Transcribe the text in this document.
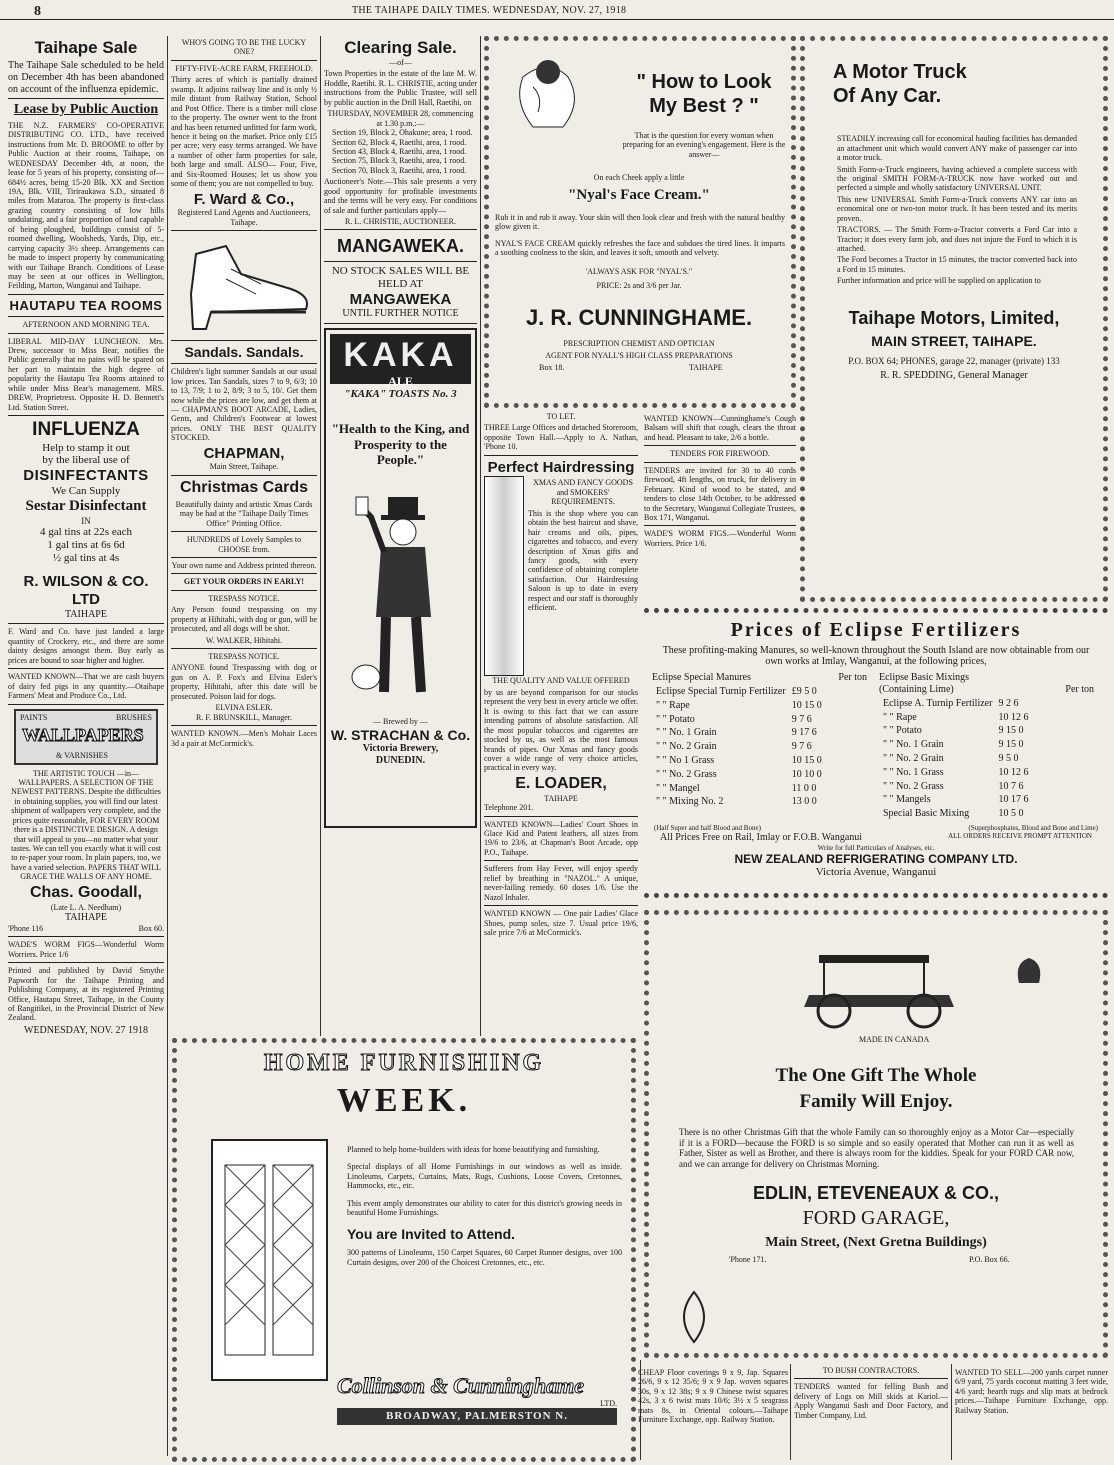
8	THE TAIHAPE DAILY TIMES. WEDNESDAY, NOV. 27, 1918
Taihape Sale

The Taihape Sale scheduled to be held on December 4th has been abandoned on account of the influenza epidemic.

Lease by Public Auction

THE N.Z. FARMERS' CO-OPERATIVE DISTRIBUTING CO. LTD., have received instructions from Mr. D. BROOME to offer by Public Auction at their rooms, Taihape, on WEDNESDAY December 4th, at noon, the lease for 5 years of his property, consisting of— 684½ acres, being 15-20 Blk. XX and Section 19A, Blk. VIII, Tiriraukawa S.D., situated 8 miles from Mataroa. The property is first-class grazing country consisting of low hills undulating, and a fair proportion of land capable of being ploughed, buildings consist of 5-roomed dwelling, Woolsheds, Yards, Dip, etc., carrying capacity 3½ sheep. Arrangements can be made to inspect property by communicating with our Taihape Branch. Conditions of Lease may be seen at our offices in Wellington, Feilding, Marton, Wanganui and Taihape.

HAUTAPU TEA ROOMS
AFTERNOON AND MORNING TEA.

LIBERAL MID-DAY LUNCHEON. Mrs. Drew, successor to Miss Bear, notifies the Public generally that no pains will be spared on her part to maintain the high degree of popularity the Hautapu Tea Rooms attained to while under Miss Bear's management. MRS. DREW, Proprietress. Opposite H. D. Bennett's Ltd. Station Street.

INFLUENZA
Help to stamp it out
by the liberal use of
DISINFECTANTS
We Can Supply
Sestar Disinfectant
IN
4 gal tins at 22s each
1 gal tins at 6s 6d
½ gal tins at 4s
R. WILSON & CO. LTD
TAIHAPE

F. Ward and Co. have just landed a large quantity of Crockery, etc., and there are some dainty designs amongst them. Buy early as prices are bound to soar higher and higher.

WANTED KNOWN—That we are cash buyers of dairy fed pigs in any quantity.—Otaihape Farmers' Meat and Produce Co., Ltd.

PAINTS	BRUSHES
WALLPAPERS
& VARNISHES

THE ARTISTIC TOUCH —in— WALLPAPERS. A SELECTION OF THE NEWEST PATTERNS. Despite the difficulties in obtaining supplies, you will find our latest shipment of wallpapers very complete, and the prices quite reasonable, FOR EVERY ROOM there is a DISTINCTIVE DESIGN. A design that will appeal to you—no matter what your tastes. We can tell you exactly what it will cost to re-paper your room. In plain papers, too, we have a varied selection. PAPERS THAT WILL GRACE THE WALLS OF ANY HOME.

Chas. Goodall,
(Late L. A. Needham)
TAIHAPE
'Phone 116	Box 60.

WADE'S WORM FIGS—Wonderful Worm Worriers. Price 1/6

Printed and published by David Smythe Papworth for the Taihape Printing and Publishing Company, at its registered Printing Office, Hautapu Street, Taihape, in the County of Rangitikei, in the Provincial District of New Zealand.

WEDNESDAY, NOV. 27 1918
WHO'S GOING TO BE THE LUCKY ONE?
FIFTY-FIVE-ACRE FARM, FREEHOLD.

Thirty acres of which is partially drained swamp. It adjoins railway line and is only ½ mile distant from Railway Station, School and Post Office. There is a timber mill close to the property. The owner went to the front and has been returned unfitted for farm work, hence it being on the market. Price only £15 per acre; very easy terms arranged. We have a number of other farm properties for sale, both large and small. ALSO— Four, Five, and Six-Roomed Houses; let us show you some of them; you are not compelled to buy.

F. Ward & Co.,
Registered Land Agents and Auctioneers, Taihape.
Sandals. Sandals.

Children's light summer Sandals at our usual low prices. Tan Sandals, sizes 7 to 9, 6/3; 10 to 13, 7/9; 1 to 2, 8/9; 3 to 5, 10/. Get them now while the prices are low, and get them at— CHAPMAN'S BOOT ARCADE, Ladies, Gents, and Children's Footwear at lowest prices. ONLY THE BEST QUALITY STOCKED.

CHAPMAN,
Main Street, Taihape.
Christmas Cards

Beautifully dainty and artistic Xmas Cards may be had at the "Taihape Daily Times Office" Printing Office.

HUNDREDS of Lovely Samples to CHOOSE from.

Your own name and Address printed thereon.

GET YOUR ORDERS IN EARLY!
TRESPASS NOTICE.

Any Person found trespassing on my property at Hihitahi, with dog or gun, will be prosecuted, and all dogs will be shot.

W. WALKER, Hihitahi.
TRESPASS NOTICE.

ANYONE found Trespassing with dog or gun on A. P. Fox's and Elvina Esler's property, Hihitahi, after this date will be prosecuted. Poison laid for dogs.

ELVINA ESLER.
R. F. BRUNSKILL, Manager.

WANTED KNOWN.—Men's Mohair Laces 3d a pair at McCormick's.

Clearing Sale.
—of—

Town Properties in the estate of the late M. W. Hoddle, Raetihi. R. L. CHRISTIE, acting under instructions from the Public Trustee, will sell by public auction in the Drill Hall, Raetihi, on

THURSDAY, NOVEMBER 28, commencing at 1.30 p.m.:—
Section 19, Block 2, Ohakune; area, 1 rood.
Section 62, Block 4, Raetihi, area, 1 rood.
Section 43, Block 4, Raetihi, area, 1 rood.
Section 75, Block 3, Raetihi, area, 1 rood.
Section 70, Block 3, Raetihi, area, 1 rood.

Auctioneer's Note.—This sale presents a very good opportunity for profitable investments and the terms will be very easy. For conditions of sale and further particulars apply—

R. L. CHRISTIE, AUCTIONEER.
MANGAWEKA.
NO STOCK SALES WILL BE HELD AT
MANGAWEKA
UNTIL FURTHER NOTICE
KAKA
ALE
"KAKA" TOASTS No. 3
"Health to the King, and Prosperity to the People."
— Brewed by —
W. STRACHAN & Co.
Victoria Brewery,
DUNEDIN.
" How to Look My Best ? "

That is the question for every woman when preparing for an evening's engagement. Here is the answer—

On each Cheek apply a little
"Nyal's Face Cream."

Rub it in and rub it away. Your skin will then look clear and fresh with the natural healthy glow given it.

NYAL'S FACE CREAM quickly refreshes the face and subdues the tired lines. It imparts a soothing coolness to the skin, and leaves it soft, smooth and velvety.

'ALWAYS ASK FOR "NYAL'S."
PRICE: 2s and 3/6 per Jar.
J. R. CUNNINGHAME.
PRESCRIPTION CHEMIST AND OPTICIAN
AGENT FOR NYALL'S HIGH CLASS PREPARATIONS
Box 18.	TAIHAPE
TO LET.

THREE Large Offices and detached Storeroom, opposite Town Hall.—Apply to A. Nathan, 'Phone 10.

Perfect Hairdressing

XMAS AND FANCY GOODS and SMOKERS' REQUIREMENTS.

This is the shop where you can obtain the best haircut and shave, hair creams and oils, pipes, cigarettes and tobacco, and every description of Xmas gifts and fancy goods, with every confidence of obtaining complete satisfaction. Our Hairdressing Saloon is up to date in every respect and our staff is thoroughly efficient.

THE QUALITY AND VALUE OFFERED

by us are beyond comparison for our stocks represent the very best in every article we offer. It is owing to this fact that we can assure intending patrons of absolute satisfaction. All the most popular tobaccos and cigarettes are stocked by us, as well as the most famous brands of pipes. Our Xmas and fancy goods cover a wide range of very choice articles, practical in every way.

E. LOADER,
TAIHAPE
Telephone 201.

WANTED KNOWN—Ladies' Court Shoes in Glace Kid and Patent leathers, all sizes from 19/6 to 23/6, at Chapman's Boot Arcade, opp P.O., Taihape.

Sufferers from Hay Fever, will enjoy speedy relief by breathing in "NAZOL." A unique, never-failing remedy. 60 doses 1/6. Use the Nazol Inhaler.

WANTED KNOWN — One pair Ladies' Glace Shoes, pump soles, size 7. Usual price 19/6, sale price 7/6 at McCormick's.

WANTED KNOWN—Cunninghame's Cough Balsam will shift that cough, clears the throat and head. Pleasant to take, 2/6 a bottle.

TENDERS FOR FIREWOOD.

TENDERS are invited for 30 to 40 cords firewood, 4ft lengths, on truck, for delivery in February. Kind of wood to be stated, and tenders to close 14th October, to be addressed to the Secretary, Wanganui Collegiate Trustees, Box 171, Wanganui.

WADE'S WORM FIGS.—Wonderful Worm Worriers. Price 1/6.

A Motor Truck
Of Any Car.

STEADILY increasing call for economical hauling facilities has demanded an attachment unit which would convert ANY make of passenger car into a motor truck.

Smith Form-a-Truck engineers, having achieved a complete success with the original SMITH FORM-A-TRUCK now have worked out and perfected a simple and wholly satisfactory UNIVERSAL UNIT.

This new UNIVERSAL Smith Form-a-Truck converts ANY car into an economical one or two-ton motor truck. It has been tested and its merits proven.

TRACTORS. — The Smith Form-a-Tractor converts a Ford Car into a Tractor; it does every farm job, and does not injure the Ford to which it is attached.

The Ford becomes a Tractor in 15 minutes, the tractor converted back into a Ford in 15 minutes.

Further information and price will be supplied on application to

Taihape Motors, Limited,
MAIN STREET, TAIHAPE.
P.O. BOX 64; PHONES, garage 22, manager (private) 133
R. R. SPEDDING, General Manager
Prices of Eclipse Fertilizers

These profiting-making Manures, so well-known throughout the South Island are now obtainable from our own works at Imlay, Wanganui, at the following prices,

Eclipse Special Manures	Per ton
Eclipse Special Turnip Fertilizer	£9 5 0
" " Rape	10 15 0
" " Potato	9 7 6
" " No. 1 Grain	9 17 6
" " No. 2 Grain	9 7 6
" " No 1 Grass	10 15 0
" " No. 2 Grass	10 10 0
" " Mangel	11 0 0
" " Mixing No. 2	13 0 0
Eclipse Basic Mixings
(Containing Lime)	Per ton
Eclipse A. Turnip Fertilizer	9 2 6
" " Rape	10 12 6
" " Potato	9 15 0
" " No. 1 Grain	9 15 0
" " No. 2 Grain	9 5 0
" " No. 1 Grass	10 12 6
" " No. 2 Grass	10 7 6
" " Mangels	10 17 6
Special Basic Mixing	10 5 0
(Half Super and half Blood and Bone)	(Superphosphates, Blood and Bone and Lime)
All Prices Free on Rail, Imlay or F.O.B. Wanganui	ALL ORDERS RECEIVE PROMPT ATTENTION
Write for full Particulars of Analyses, etc.
NEW ZEALAND REFRIGERATING COMPANY LTD.
Victoria Avenue, Wanganui
HOME FURNISHING
WEEK.

Planned to help home-builders with ideas for home beautifying and furnishing.

Special displays of all Home Furnishings in our windows as well as inside. Linoleums, Carpets, Curtains, Mats, Rugs, Cushions, Loose Covers, Cretonnes, Hammocks, etc., etc.

This event amply demonstrates our ability to cater for this district's growing needs in beautiful Home Furnishings.

You are Invited to Attend.

300 patterns of Linoleums, 150 Carpet Squares, 60 Carpet Runner designs, over 100 Curtain designs, over 200 of the Choicest Cretonnes, etc., etc.

Collinson & Cunninghame
LTD.
BROADWAY, PALMERSTON N.
MADE IN CANADA
The One Gift The Whole
Family Will Enjoy.

There is no other Christmas Gift that the whole Family can so thoroughly enjoy as a Motor Car—especially if it is a FORD—because the FORD is so simple and so easily operated that Mother can run it as well as Father, Sister as well as Brother, and there is always room for the kiddies. Speak for your FORD CAR now, and we can arrange for delivery on Christmas Morning.

EDLIN, ETEVENEAUX & CO.,
FORD GARAGE,
Main Street, (Next Gretna Buildings)
'Phone 171.	P.O. Box 66.

CHEAP Floor coverings 9 x 9, Jap. Squares 26/6, 9 x 12 35/6; 9 x 9 Jap. woven squares 30s, 9 x 12 38s; 9 x 9 Chinese twist squares 42s, 3 x 6 twist mats 10/6; 3½ x 5 seagrass mats 8s, in Oriental colours.—Taihape Furniture Exchange, opp. Railway Station.

TO BUSH CONTRACTORS.

TENDERS wanted for felling Bush and delivery of Logs on Mill skids at Kariol.—Apply Wanganui Sash and Door Factory, and Timber Company, Ltd.

WANTED TO SELL—200 yards carpet runner 6/9 yard, 75 yards coconut matting 3 feet wide, 4/6 yard; hearth rugs and slip mats at bedrock prices.—Taihape Furniture Exchange, opp. Railway Station.
